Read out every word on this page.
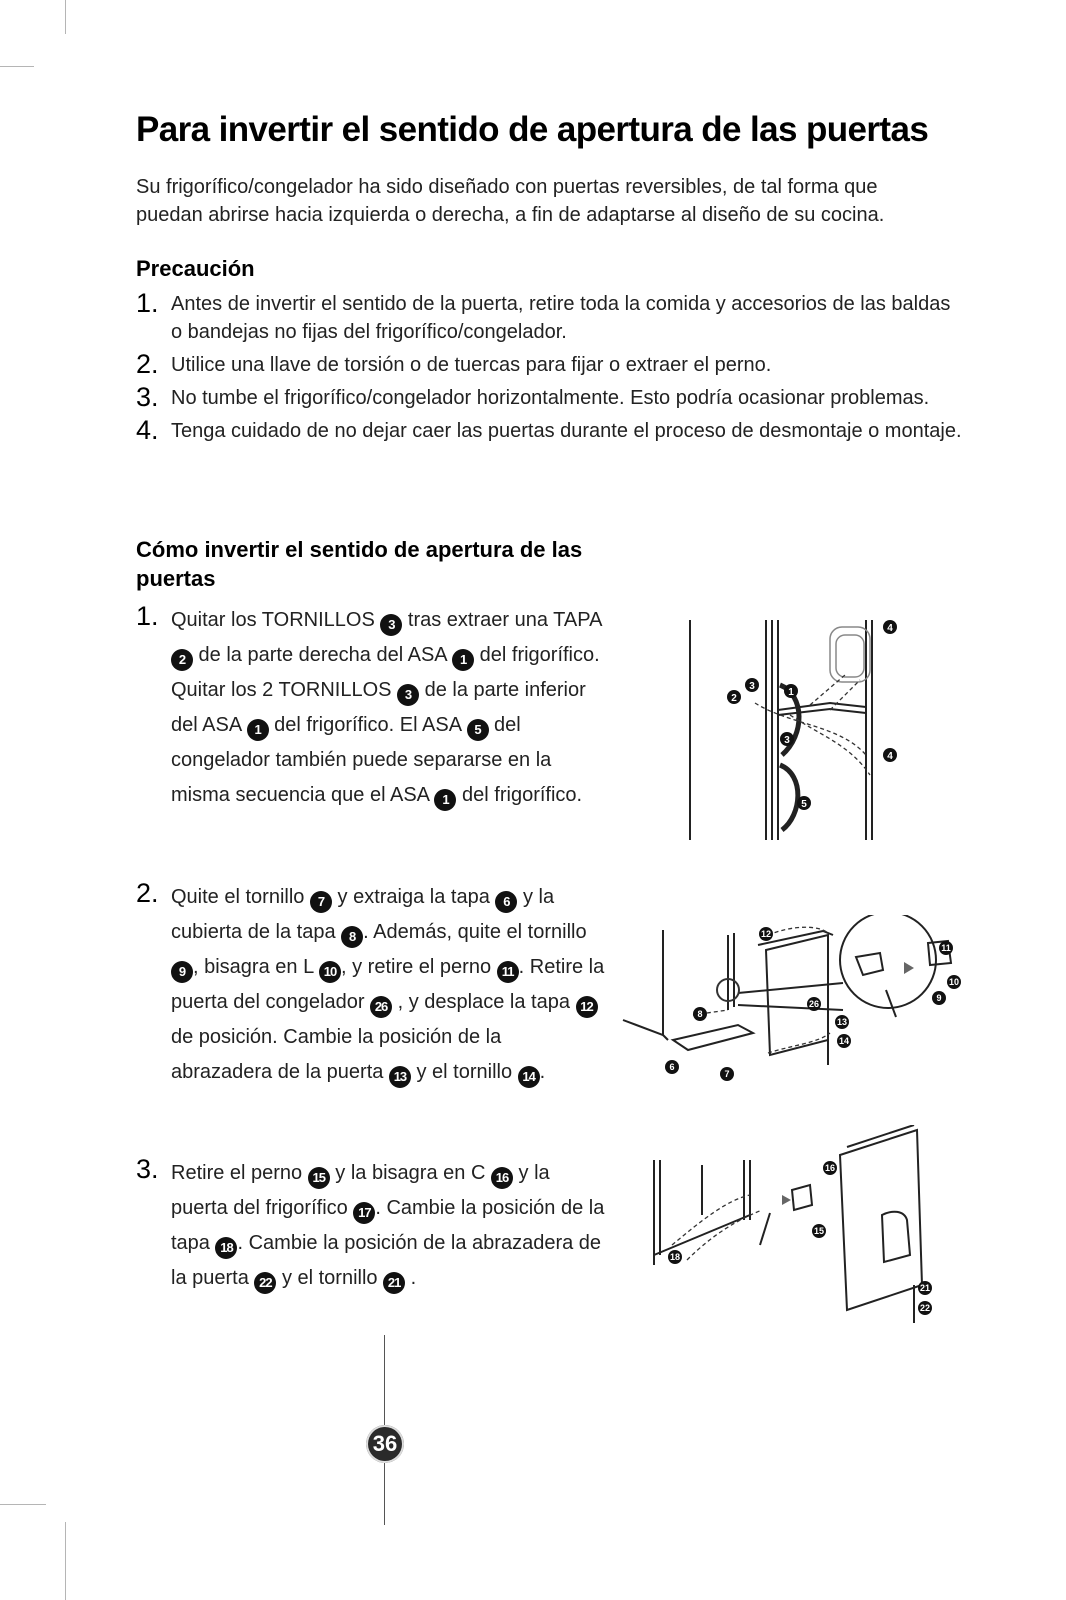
Para invertir el sentido de apertura de las puertas
Su frigorífico/congelador ha sido diseñado con puertas reversibles, de tal forma que puedan abrirse hacia izquierda o derecha, a fin de adaptarse al diseño de su cocina.
Precaución
1. Antes de invertir el sentido de la puerta, retire toda la comida y accesorios de las baldas o bandejas no fijas del frigorífico/congelador.
2. Utilice una llave de torsión o de tuercas para fijar o extraer el perno.
3. No tumbe el frigorífico/congelador horizontalmente. Esto podría ocasionar problemas.
4. Tenga cuidado de no dejar caer las puertas durante el proceso de desmontaje o montaje.
Cómo invertir el sentido de apertura de las puertas
1. Quitar los TORNILLOS 3 tras extraer una TAPA 2 de la parte derecha del ASA 1 del frigorífico. Quitar los 2 TORNILLOS 3 de la parte inferior del ASA 1 del frigorífico. El ASA 5 del congelador también puede separarse en la misma secuencia que el ASA 1 del frigorífico.
2. Quite el tornillo 7 y extraiga la tapa 6 y la cubierta de la tapa 8 . Además, quite el tornillo 9 , bisagra en L 10 , y retire el perno 11 . Retire la puerta del congelador 26 , y desplace la tapa 12 de posición. Cambie la posición de la abrazadera de la puerta 13 y el tornillo 14 .
3. Retire el perno 15 y la bisagra en C 16 y la puerta del frigorífico 17 . Cambie la posición de la tapa 18 . Cambie la posición de la abrazadera de la puerta 22 y el tornillo 21 .
4
3
1
2
3
4
5
12
11
10
9
26
8
13
14
6
7
16
15
18
21
22
36
